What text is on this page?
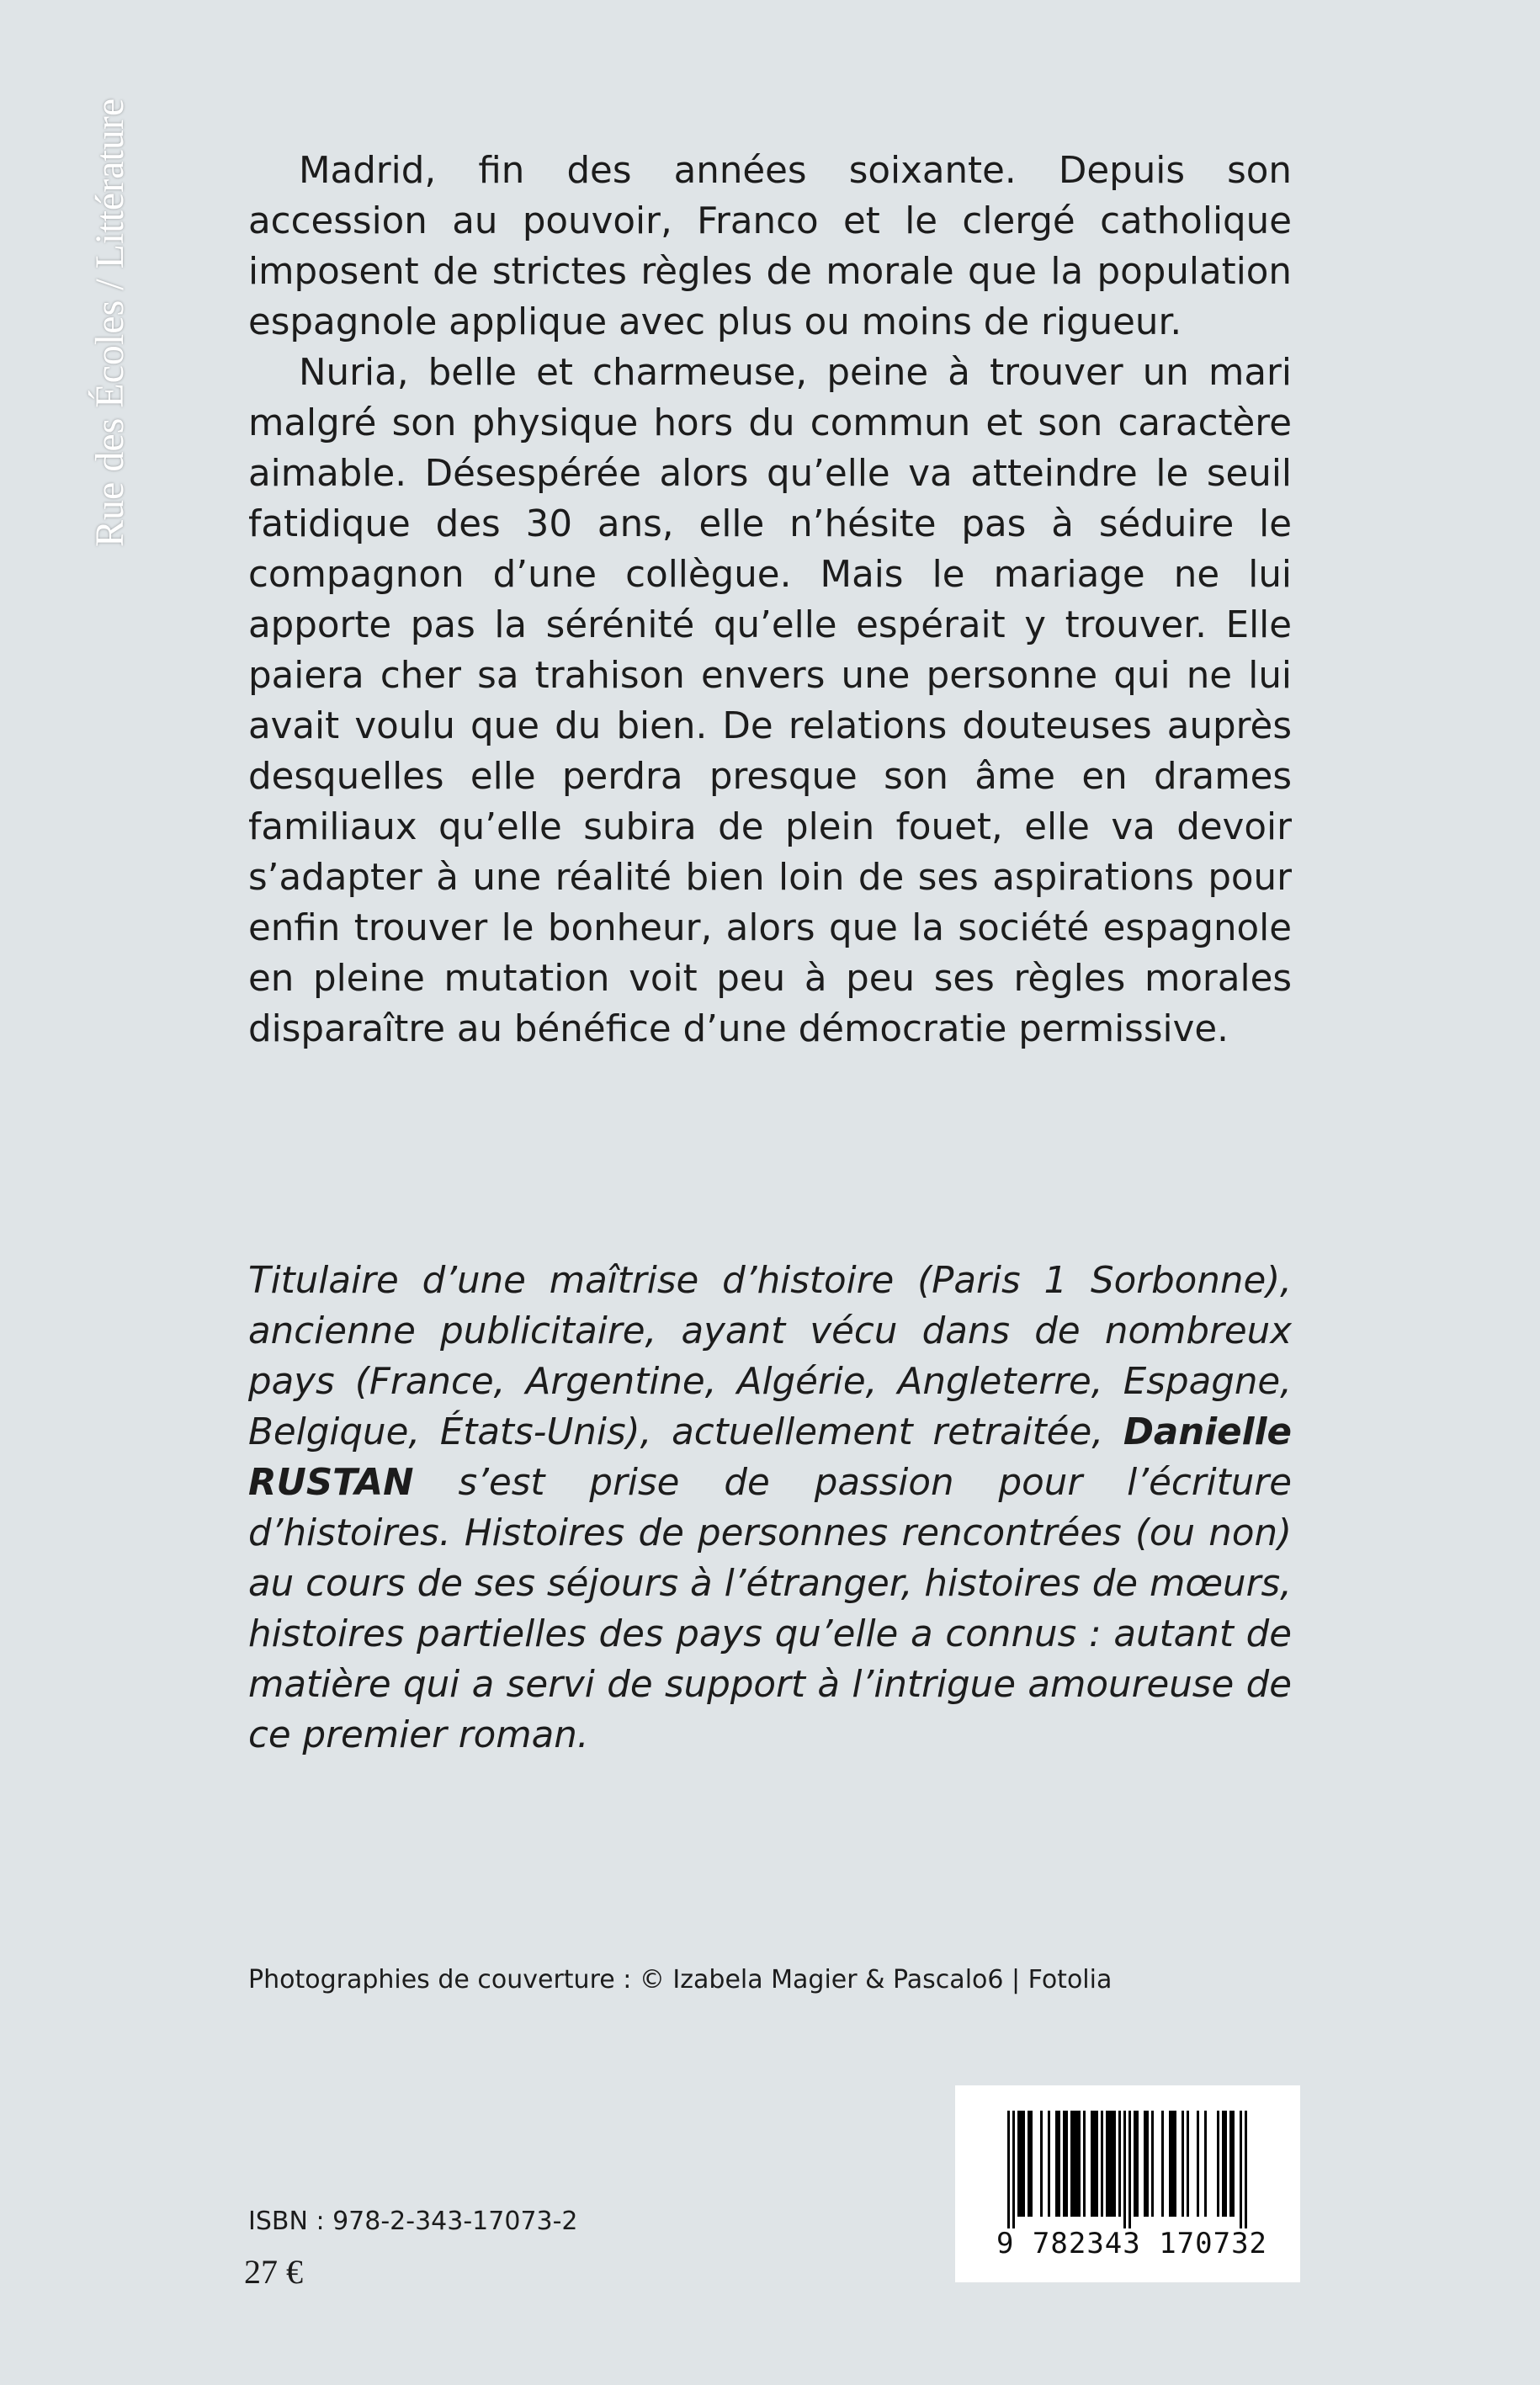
Rue des Écoles / Littérature	Madrid, fin des années soixante. Depuis son accession au pouvoir, Franco et le clergé catholique imposent de strictes règles de morale que la population espagnole applique avec plus ou moins de rigueur.

Nuria, belle et charmeuse, peine à trouver un mari malgré son physique hors du commun et son caractère aimable. Désespérée alors qu’elle va atteindre le seuil fatidique des 30 ans, elle n’hésite pas à séduire le compagnon d’une collègue. Mais le mariage ne lui apporte pas la sérénité qu’elle espérait y trouver. Elle paiera cher sa trahison envers une personne qui ne lui avait voulu que du bien. De relations douteuses auprès desquelles elle perdra presque son âme en drames familiaux qu’elle subira de plein fouet, elle va devoir s’adapter à une réalité bien loin de ses aspirations pour enfin trouver le bonheur, alors que la société espagnole en pleine mutation voit peu à peu ses règles morales disparaître au bénéfice d’une démocratie permissive.

Titulaire d’une maîtrise d’histoire (Paris 1 Sorbonne), ancienne publicitaire, ayant vécu dans de nombreux pays (France, Argentine, Algérie, Angleterre, Espagne, Belgique, États-Unis), actuellement retraitée, Danielle RUSTAN s’est prise de passion pour l’écriture d’histoires. Histoires de personnes rencontrées (ou non) au cours de ses séjours à l’étranger, histoires de mœurs, histoires partielles des pays qu’elle a connus : autant de matière qui a servi de support à l’intrigue amoureuse de ce premier roman.

Photographies de couverture : © Izabela Magier & Pascalo6 | Fotolia
9 782343 170732
ISBN : 978-2-343-17073-2
27 €
